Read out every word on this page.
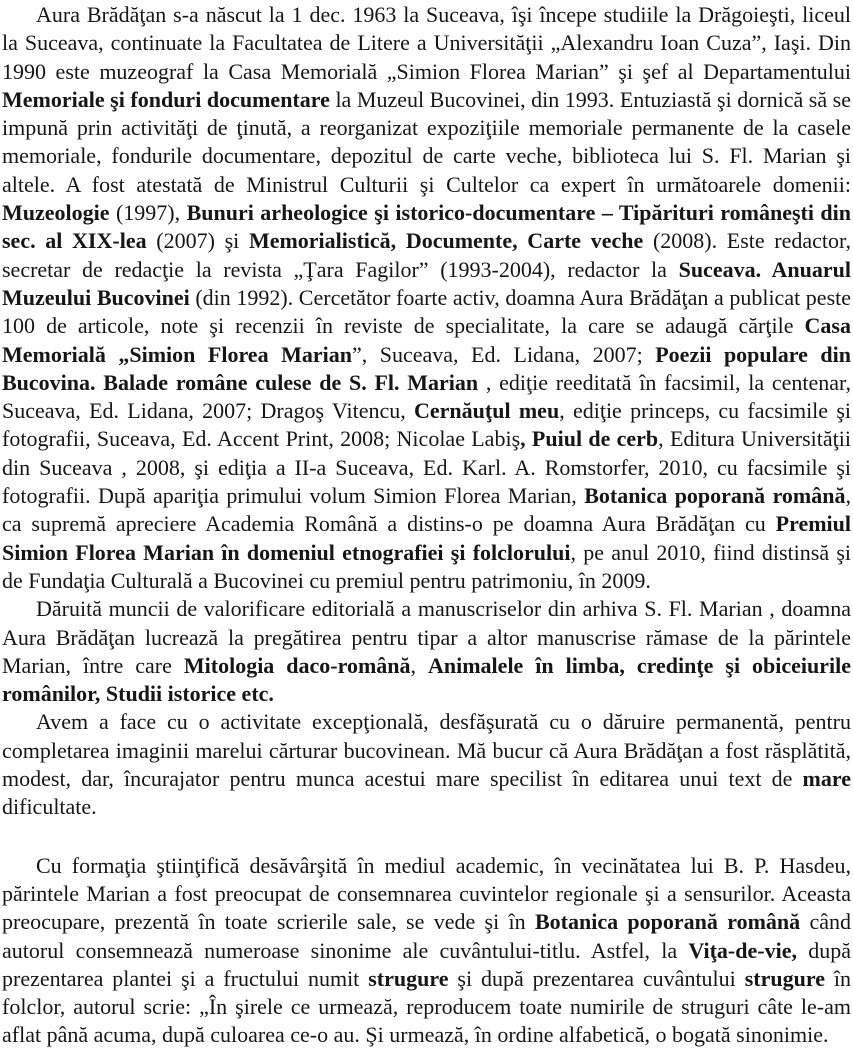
Aura Brădăţan s-a născut la 1 dec. 1963 la Suceava, îşi începe studiile la Drăgoieşti, liceul la Suceava, continuate la Facultatea de Litere a Universităţii „Alexandru Ioan Cuza”, Iaşi. Din 1990 este muzeograf la Casa Memorială „Simion Florea Marian” şi şef al Departamentului Memoriale şi fonduri documentare la Muzeul Bucovinei, din 1993. Entuziastă şi dornică să se impună prin activităţi de ţinută, a reorganizat expoziţiile memoriale permanente de la casele memoriale, fondurile documentare, depozitul de carte veche, biblioteca lui S. Fl. Marian şi altele. A fost atestată de Ministrul Culturii şi Cultelor ca expert în următoarele domenii: Muzeologie (1997), Bunuri arheologice şi istorico-documentare – Tipărituri româneşti din sec. al XIX-lea (2007) şi Memorialistică, Documente, Carte veche (2008). Este redactor, secretar de redacţie la revista „Ţara Fagilor” (1993-2004), redactor la Suceava. Anuarul Muzeului Bucovinei (din 1992). Cercetător foarte activ, doamna Aura Brădăţan a publicat peste 100 de articole, note şi recenzii în reviste de specialitate, la care se adaugă cărţile Casa Memorială „Simion Florea Marian”, Suceava, Ed. Lidana, 2007; Poezii populare din Bucovina. Balade române culese de S. Fl. Marian , ediţie reeditată în facsimil, la centenar, Suceava, Ed. Lidana, 2007; Dragoş Vitencu, Cernăuţul meu, ediţie princeps, cu facsimile şi fotografii, Suceava, Ed. Accent Print, 2008; Nicolae Labiş, Puiul de cerb, Editura Universităţii din Suceava , 2008, şi ediţia a II-a Suceava, Ed. Karl. A. Romstorfer, 2010, cu facsimile şi fotografii. După apariţia primului volum Simion Florea Marian, Botanica poporană română, ca supremă apreciere Academia Română a distins-o pe doamna Aura Brădăţan cu Premiul Simion Florea Marian în domeniul etnografiei şi folclorului, pe anul 2010, fiind distinsă şi de Fundaţia Culturală a Bucovinei cu premiul pentru patrimoniu, în 2009.

Dăruită muncii de valorificare editorială a manuscriselor din arhiva S. Fl. Marian , doamna Aura Brădăţan lucrează la pregătirea pentru tipar a altor manuscrise rămase de la părintele Marian, între care Mitologia daco-română, Animalele în limba, credinţe şi obiceiurile românilor, Studii istorice etc.

Avem a face cu o activitate excepţională, desfăşurată cu o dăruire permanentă, pentru completarea imaginii marelui cărturar bucovinean. Mă bucur că Aura Brădăţan a fost răsplătită, modest, dar, încurajator pentru munca acestui mare specilist în editarea unui text de mare dificultate.

Cu formaţia ştiinţifică desăvârşită în mediul academic, în vecinătatea lui B. P. Hasdeu, părintele Marian a fost preocupat de consemnarea cuvintelor regionale şi a sensurilor. Aceasta preocupare, prezentă în toate scrierile sale, se vede şi în Botanica poporană română când autorul consemnează numeroase sinonime ale cuvântului-titlu. Astfel, la Viţa-de-vie, după prezentarea plantei şi a fructului numit strugure şi după prezentarea cuvântului strugure în folclor, autorul scrie: „În şirele ce urmează, reproducem toate numirile de struguri câte le-am aflat până acuma, după culoarea ce-o au. Şi urmează, în ordine alfabetică, o bogată sinonimie.
